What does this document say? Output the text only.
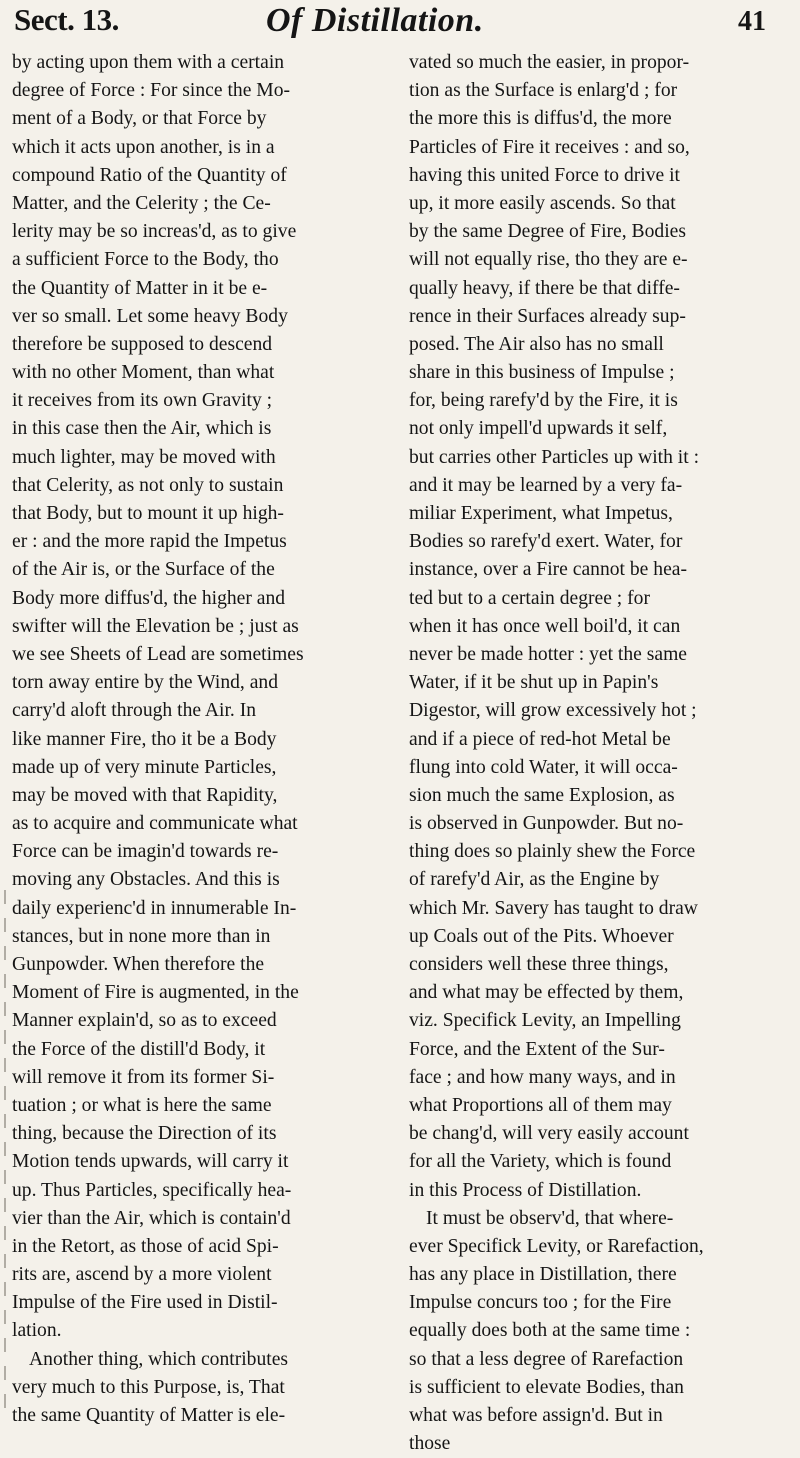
Sect. 13.	Of Distillation.	41
by acting upon them with a certain
degree of Force : For since the Mo-
ment of a Body, or that Force by
which it acts upon another, is in a
compound Ratio of the Quantity of
Matter, and the Celerity ; the Ce-
lerity may be so increas'd, as to give
a sufficient Force to the Body, tho
the Quantity of Matter in it be e-
ver so small. Let some heavy Body
therefore be supposed to descend
with no other Moment, than what
it receives from its own Gravity ;
in this case then the Air, which is
much lighter, may be moved with
that Celerity, as not only to sustain
that Body, but to mount it up high-
er : and the more rapid the Impetus
of the Air is, or the Surface of the
Body more diffus'd, the higher and
swifter will the Elevation be ; just as
we see Sheets of Lead are sometimes
torn away entire by the Wind, and
carry'd aloft through the Air. In
like manner Fire, tho it be a Body
made up of very minute Particles,
may be moved with that Rapidity,
as to acquire and communicate what
Force can be imagin'd towards re-
moving any Obstacles. And this is
daily experienc'd in innumerable In-
stances, but in none more than in
Gunpowder. When therefore the
Moment of Fire is augmented, in the
Manner explain'd, so as to exceed
the Force of the distill'd Body, it
will remove it from its former Si-
tuation ; or what is here the same
thing, because the Direction of its
Motion tends upwards, will carry it
up. Thus Particles, specifically hea-
vier than the Air, which is contain'd
in the Retort, as those of acid Spi-
rits are, ascend by a more violent
Impulse of the Fire used in Distil-
lation.
Another thing, which contributes
very much to this Purpose, is, That
the same Quantity of Matter is ele-
vated so much the easier, in propor-
tion as the Surface is enlarg'd ; for
the more this is diffus'd, the more
Particles of Fire it receives : and so,
having this united Force to drive it
up, it more easily ascends. So that
by the same Degree of Fire, Bodies
will not equally rise, tho they are e-
qually heavy, if there be that diffe-
rence in their Surfaces already sup-
posed. The Air also has no small
share in this business of Impulse ;
for, being rarefy'd by the Fire, it is
not only impell'd upwards it self,
but carries other Particles up with it :
and it may be learned by a very fa-
miliar Experiment, what Impetus,
Bodies so rarefy'd exert. Water, for
instance, over a Fire cannot be hea-
ted but to a certain degree ; for
when it has once well boil'd, it can
never be made hotter : yet the same
Water, if it be shut up in Papin's
Digestor, will grow excessively hot ;
and if a piece of red-hot Metal be
flung into cold Water, it will occa-
sion much the same Explosion, as
is observed in Gunpowder. But no-
thing does so plainly shew the Force
of rarefy'd Air, as the Engine by
which Mr. Savery has taught to draw
up Coals out of the Pits. Whoever
considers well these three things,
and what may be effected by them,
viz. Specifick Levity, an Impelling
Force, and the Extent of the Sur-
face ; and how many ways, and in
what Proportions all of them may
be chang'd, will very easily account
for all the Variety, which is found
in this Process of Distillation.
It must be observ'd, that where-
ever Specifick Levity, or Rarefaction,
has any place in Distillation, there
Impulse concurs too ; for the Fire
equally does both at the same time :
so that a less degree of Rarefaction
is sufficient to elevate Bodies, than
what was before assign'd. But in
those
